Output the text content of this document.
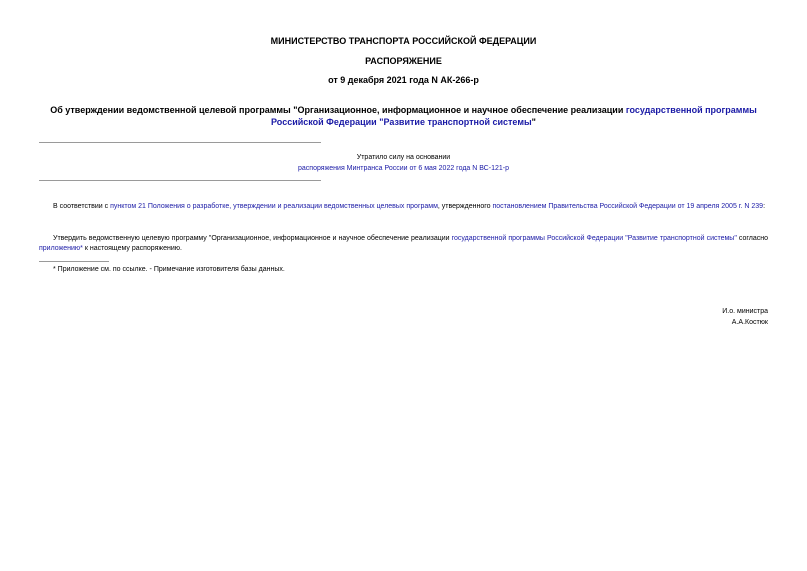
МИНИСТЕРСТВО ТРАНСПОРТА РОССИЙСКОЙ ФЕДЕРАЦИИ
РАСПОРЯЖЕНИЕ
от 9 декабря 2021 года N АК-266-р
Об утверждении ведомственной целевой программы "Организационное, информационное и научное обеспечение реализации государственной программы
Российской Федерации "Развитие транспортной системы"
Утратило силу на основании
распоряжения Минтранса России от 6 мая 2022 года N ВС-121-р
В соответствии с пунктом 21 Положения о разработке, утверждении и реализации ведомственных целевых программ, утвержденного постановлением Правительства Российской Федерации от 19 апреля 2005 г. N 239:
Утвердить ведомственную целевую программу "Организационное, информационное и научное обеспечение реализации государственной программы Российской Федерации "Развитие транспортной системы" согласно приложению* к настоящему распоряжению.
* Приложение см. по ссылке. - Примечание изготовителя базы данных.
И.о. министра
А.А.Костюк
